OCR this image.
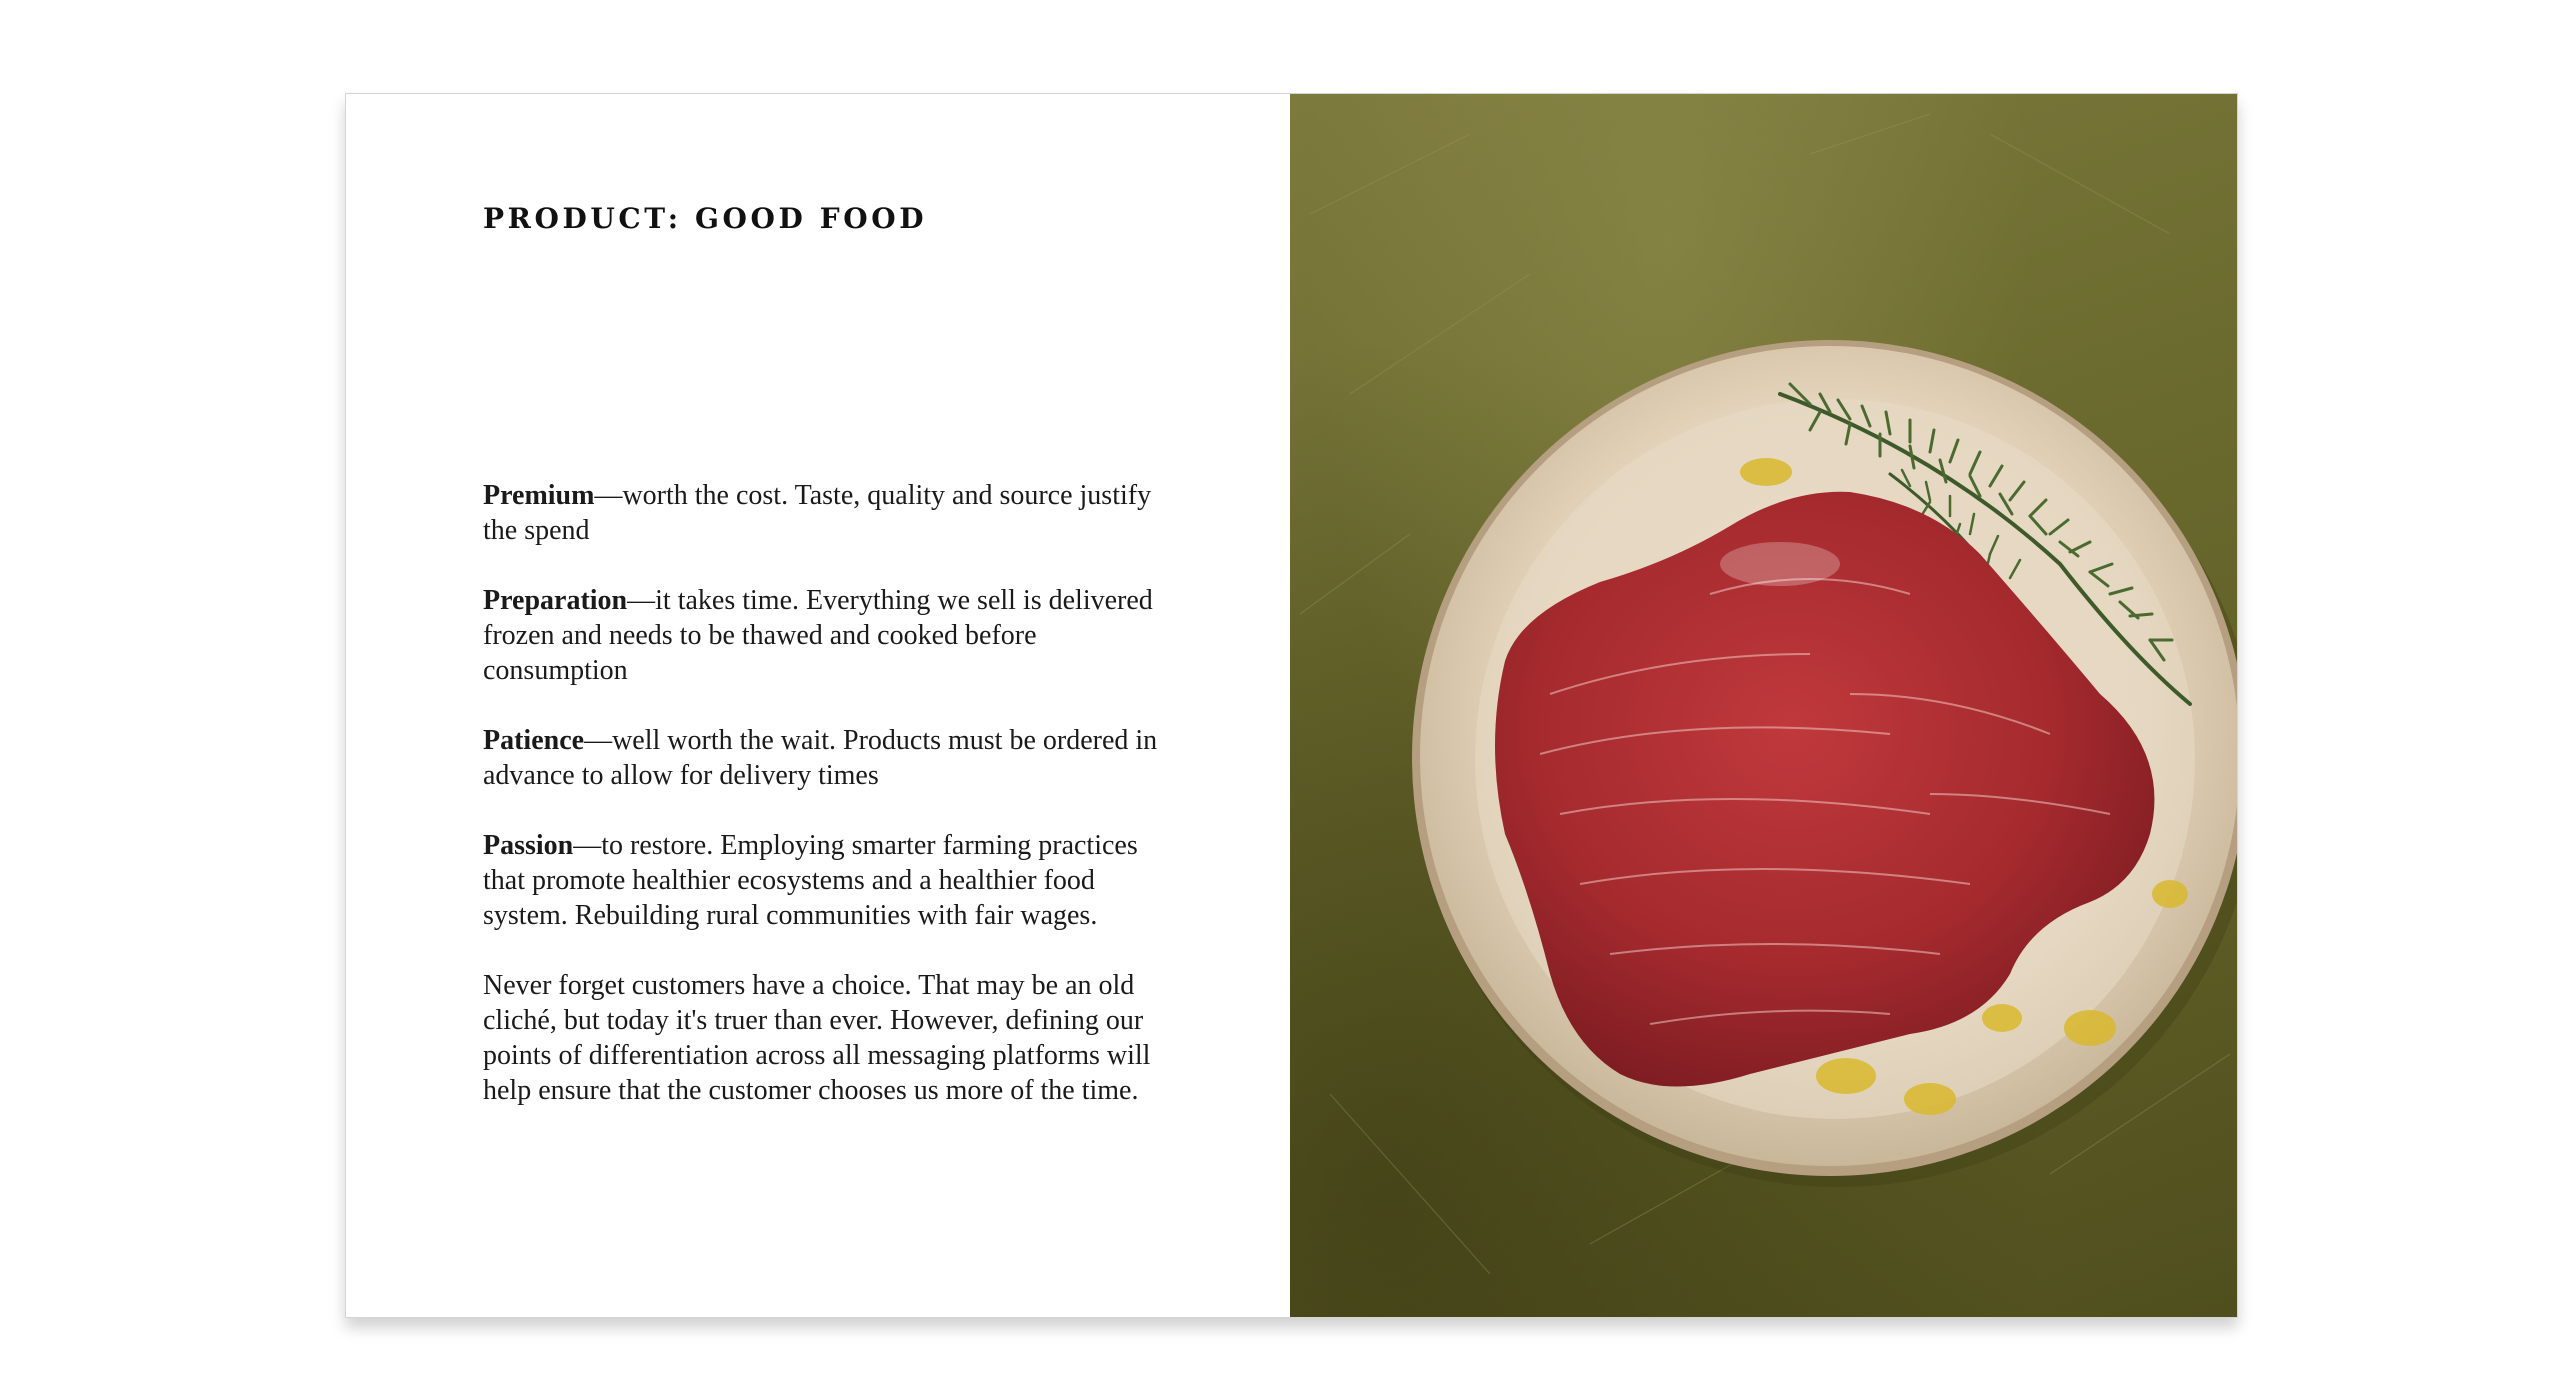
PRODUCT: GOOD FOOD

Premium—worth the cost. Taste, quality and source justify the spend

Preparation—it takes time. Everything we sell is delivered frozen and needs to be thawed and cooked before consumption

Patience—well worth the wait. Products must be ordered in advance to allow for delivery times

Passion—to restore. Employing smarter farming practices that promote healthier ecosystems and a healthier food system. Rebuilding rural communities with fair wages.

Never forget customers have a choice. That may be an old cliché, but today it's truer than ever. However, defining our points of differentiation across all messaging platforms will help ensure that the customer chooses us more of the time.
